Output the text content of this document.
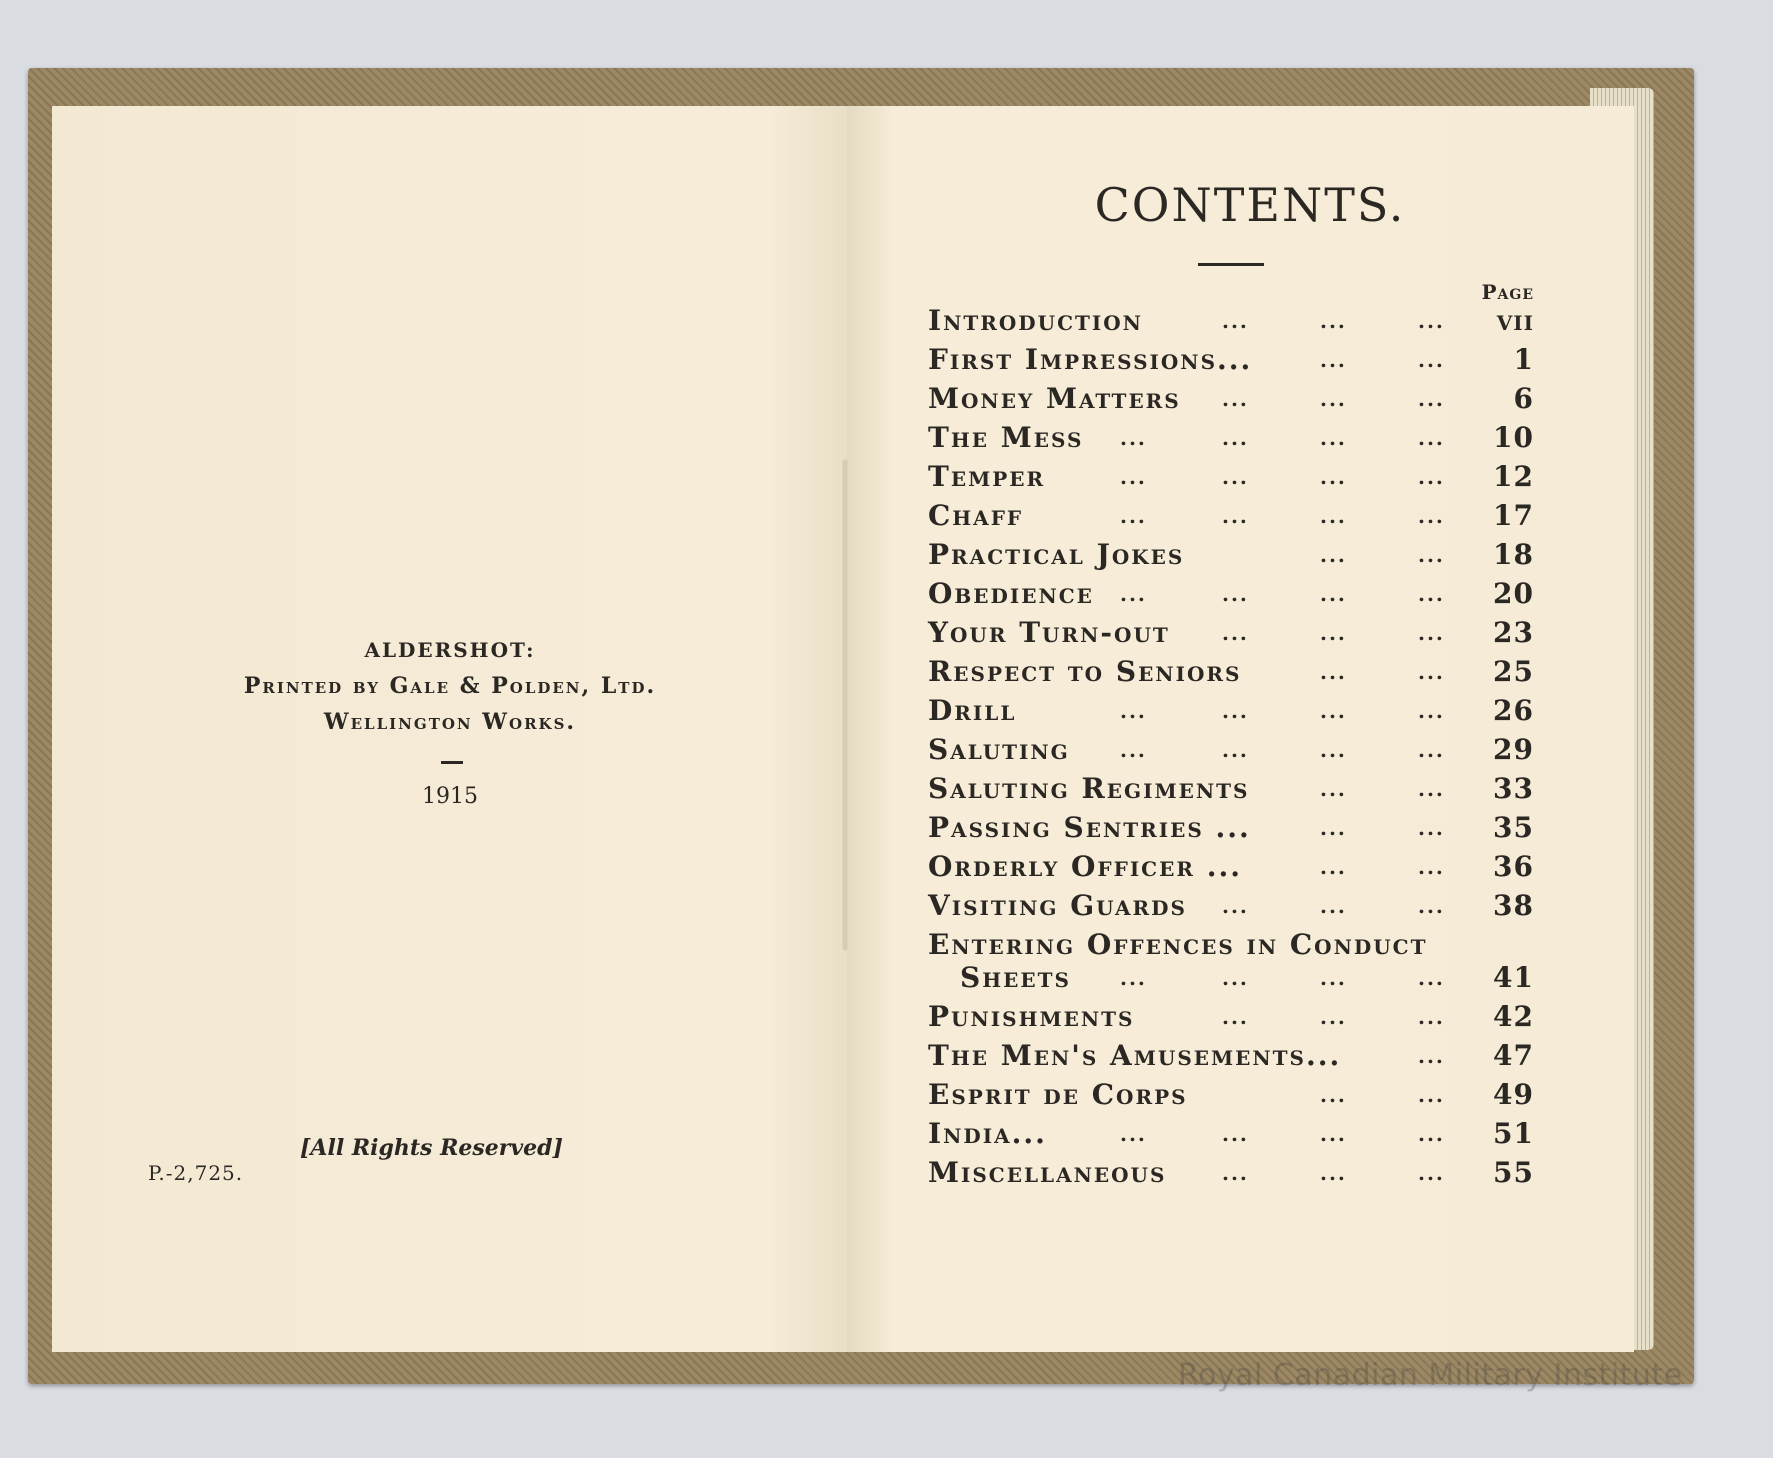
ALDERSHOT:
Printed by Gale & Polden, Ltd.
Wellington Works.
1915
[All Rights Reserved]
P.-2,725.
CONTENTS.
Page
Introduction	...	...	... vii
First Impressions...	...	... 1
Money Matters ...	...	... 6
The Mess ...	...	...	... 10
Temper	...	...	...	... 12
Chaff	...	...	...	... 17
Practical Jokes	...	... 18
Obedience ...	...	...	... 20
Your Turn-out	...	...	... 23
Respect to Seniors	...	... 25
Drill	...	...	...	... 26
Saluting	...	...	...	... 29
Saluting Regiments	...	... 33
Passing Sentries ...	...	... 35
Orderly Officer ...	...	... 36
Visiting Guards ...	...	... 38
Entering Offences in Conduct
Sheets ...	...	...	... 41
Punishments	...	...	... 42
The Men's Amusements...	... 47
Esprit de Corps	...	... 49
India...	...	...	...	... 51
Miscellaneous	...	...	... 55
Royal Canadian Military Institute
